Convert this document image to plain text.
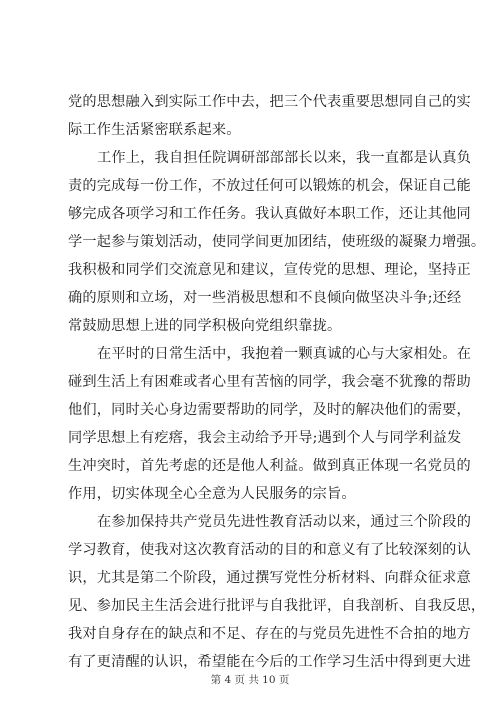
党的思想融入到实际工作中去，把三个代表重要思想同自己的实
际工作生活紧密联系起来。
工作上，我自担任院调研部部部长以来，我一直都是认真负
责的完成每一份工作，不放过任何可以锻炼的机会，保证自己能
够完成各项学习和工作任务。我认真做好本职工作，还让其他同
学一起参与策划活动，使同学间更加团结，使班级的凝聚力增强。
我积极和同学们交流意见和建议，宣传党的思想、理论，坚持正
确的原则和立场，对一些消极思想和不良倾向做坚决斗争;还经
常鼓励思想上进的同学积极向党组织靠拢。
在平时的日常生活中，我抱着一颗真诚的心与大家相处。在
碰到生活上有困难或者心里有苦恼的同学，我会毫不犹豫的帮助
他们，同时关心身边需要帮助的同学，及时的解决他们的需要，
同学思想上有疙瘩，我会主动给予开导;遇到个人与同学利益发
生冲突时，首先考虑的还是他人利益。做到真正体现一名党员的
作用，切实体现全心全意为人民服务的宗旨。
在参加保持共产党员先进性教育活动以来，通过三个阶段的
学习教育，使我对这次教育活动的目的和意义有了比较深刻的认
识，尤其是第二个阶段，通过撰写党性分析材料、向群众征求意
见、参加民主生活会进行批评与自我批评，自我剖析、自我反思，
我对自身存在的缺点和不足、存在的与党员先进性不合拍的地方
有了更清醒的认识，希望能在今后的工作学习生活中得到更大进
第 4 页 共 10 页
